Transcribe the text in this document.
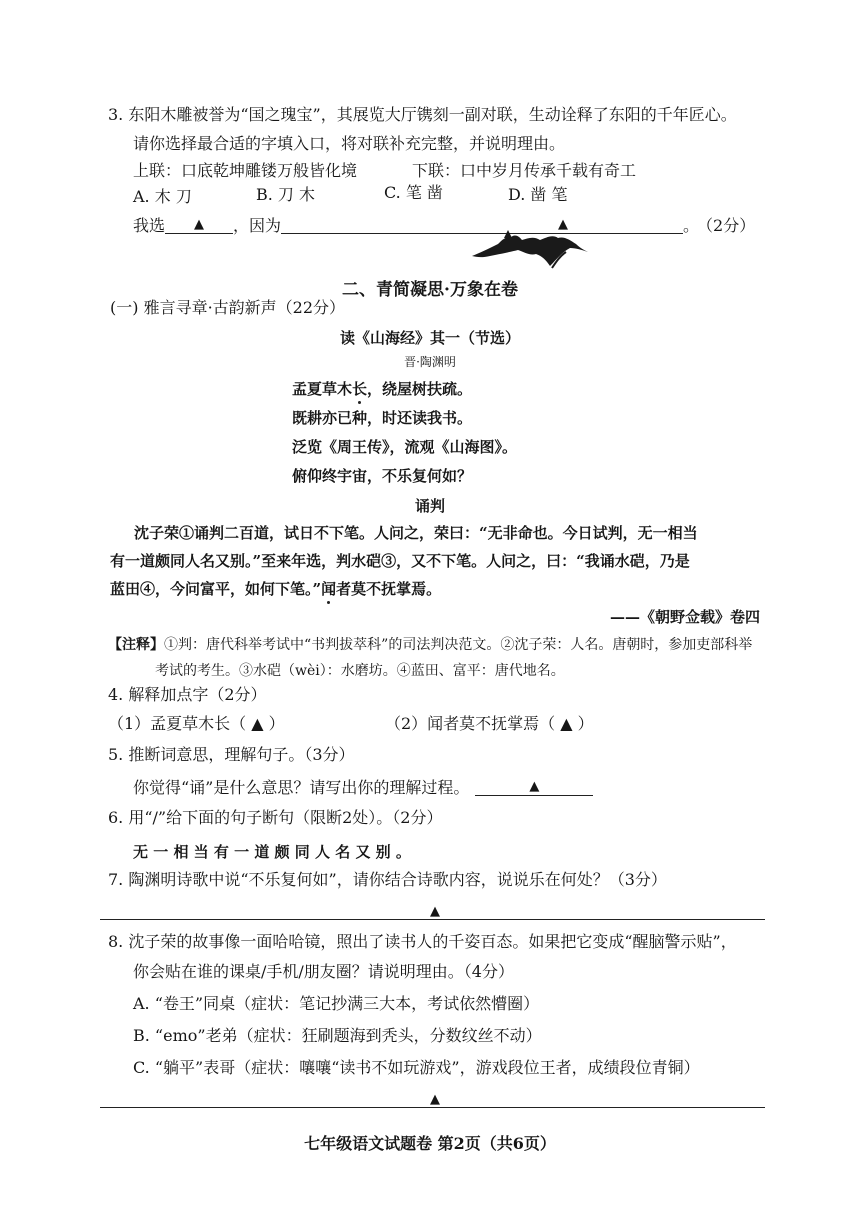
3. 东阳木雕被誉为“国之瑰宝”，其展览大厅镌刻一副对联，生动诠释了东阳的千年匠心。
请你选择最合适的字填入口，将对联补充完整，并说明理由。
上联：口底乾坤雕镂万般皆化境	下联：口中岁月传承千载有奇工
A. 木 刀	B. 刀 木	C. 笔 凿	D. 凿 笔
我选 ▲ ，因为	▲	。 （2分）
二、青简凝思·万象在卷
(一) 雅言寻章·古韵新声（22分）
读《山海经》其一（节选）
晋·陶渊明
孟夏草木长，绕屋树扶疏。
既耕亦已种，时还读我书。
泛览《周王传》，流观《山海图》。
俯仰终宇宙，不乐复何如？
诵判
沈子荣①诵判二百道，试日不下笔。人问之，荣曰：“无非命也。今日试判，无一相当
有一道颇同人名又别。”至来年选，判水硙③，又不下笔。人问之，曰：“我诵水硙，乃是
蓝田④，今问富平，如何下笔。”闻者莫不抚掌焉。
——《朝野佥载》卷四
【注释】①判：唐代科举考试中“书判拔萃科”的司法判决范文。②沈子荣：人名。唐朝时，参加吏部科举
考试的考生。③水硙（wèi）：水磨坊。④蓝田、富平：唐代地名。
4. 解释加点字（2分）
（1）孟夏草木长（ ▲ ）	（2）闻者莫不抚掌焉（ ▲ ）
5. 推断词意思，理解句子。（3分）
你觉得“诵”是什么意思？请写出你的理解过程。	▲
6. 用“/”给下面的句子断句（限断2处）。（2分）
无 一 相 当 有 一 道 颇 同 人 名 又 别 。
7. 陶渊明诗歌中说“不乐复何如”，请你结合诗歌内容，说说乐在何处？（3分）
▲
8. 沈子荣的故事像一面哈哈镜，照出了读书人的千姿百态。如果把它变成“醒脑警示贴”，
你会贴在谁的课桌/手机/朋友圈？请说明理由。（4分）
A. “卷王”同桌（症状：笔记抄满三大本，考试依然懵圈）
B. “emo”老弟（症状：狂刷题海到秃头，分数纹丝不动）
C. “躺平”表哥（症状：嚷嚷“读书不如玩游戏”，游戏段位王者，成绩段位青铜）
▲
七年级语文试题卷 第2页（共6页）
